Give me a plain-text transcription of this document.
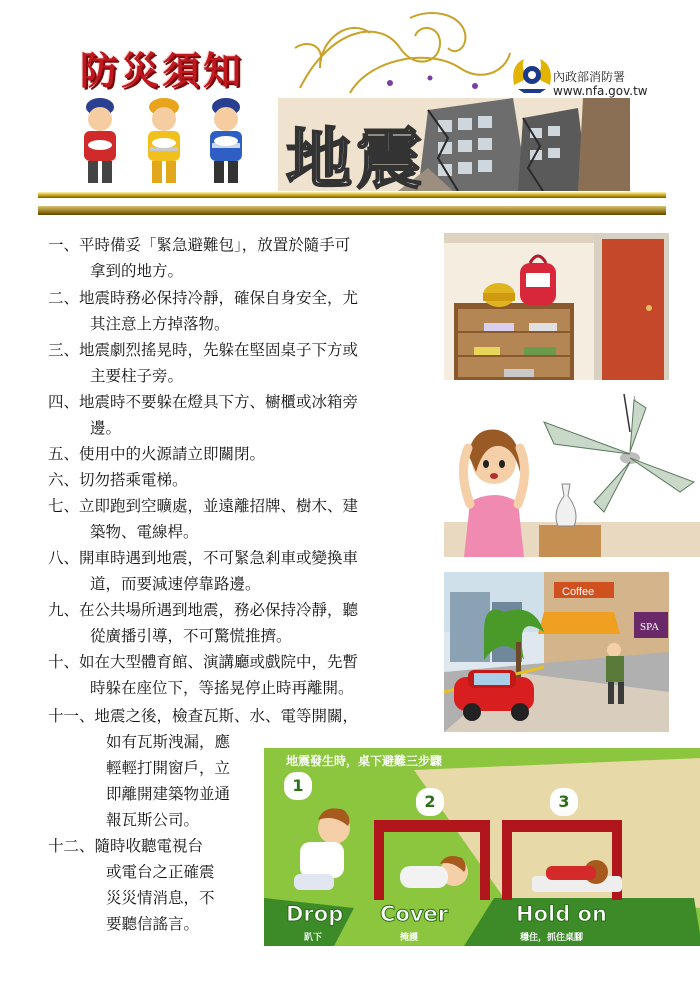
防災須知	內政部消防署
www.nfa.gov.tw
地震
一、平時備妥「緊急避難包」，放置於隨手可
拿到的地方。
二、地震時務必保持冷靜，確保自身安全，尤
其注意上方掉落物。
三、地震劇烈搖晃時，先躲在堅固桌子下方或
主要柱子旁。
四、地震時不要躲在燈具下方、櫥櫃或冰箱旁
邊。
五、使用中的火源請立即關閉。
六、切勿搭乘電梯。
七、立即跑到空曠處，並遠離招牌、樹木、建
築物、電線桿。
八、開車時遇到地震，不可緊急剎車或變換車
道，而要減速停靠路邊。
九、在公共場所遇到地震，務必保持冷靜，聽
從廣播引導，不可驚慌推擠。
十、如在大型體育館、演講廳或戲院中，先暫
時躲在座位下，等搖晃停止時再離開。
十一、地震之後，檢查瓦斯、水、電等開關，
如有瓦斯洩漏，應
輕輕打開窗戶，立
即離開建築物並通
報瓦斯公司。
十二、隨時收聽電視台
或電台之正確震
災災情消息，不
要聽信謠言。
Coffee
SPA
地震發生時，桌下避難三步驟
1
2	3
Drop
趴下
Cover
掩護
Hold on
穩住，抓住桌腳
